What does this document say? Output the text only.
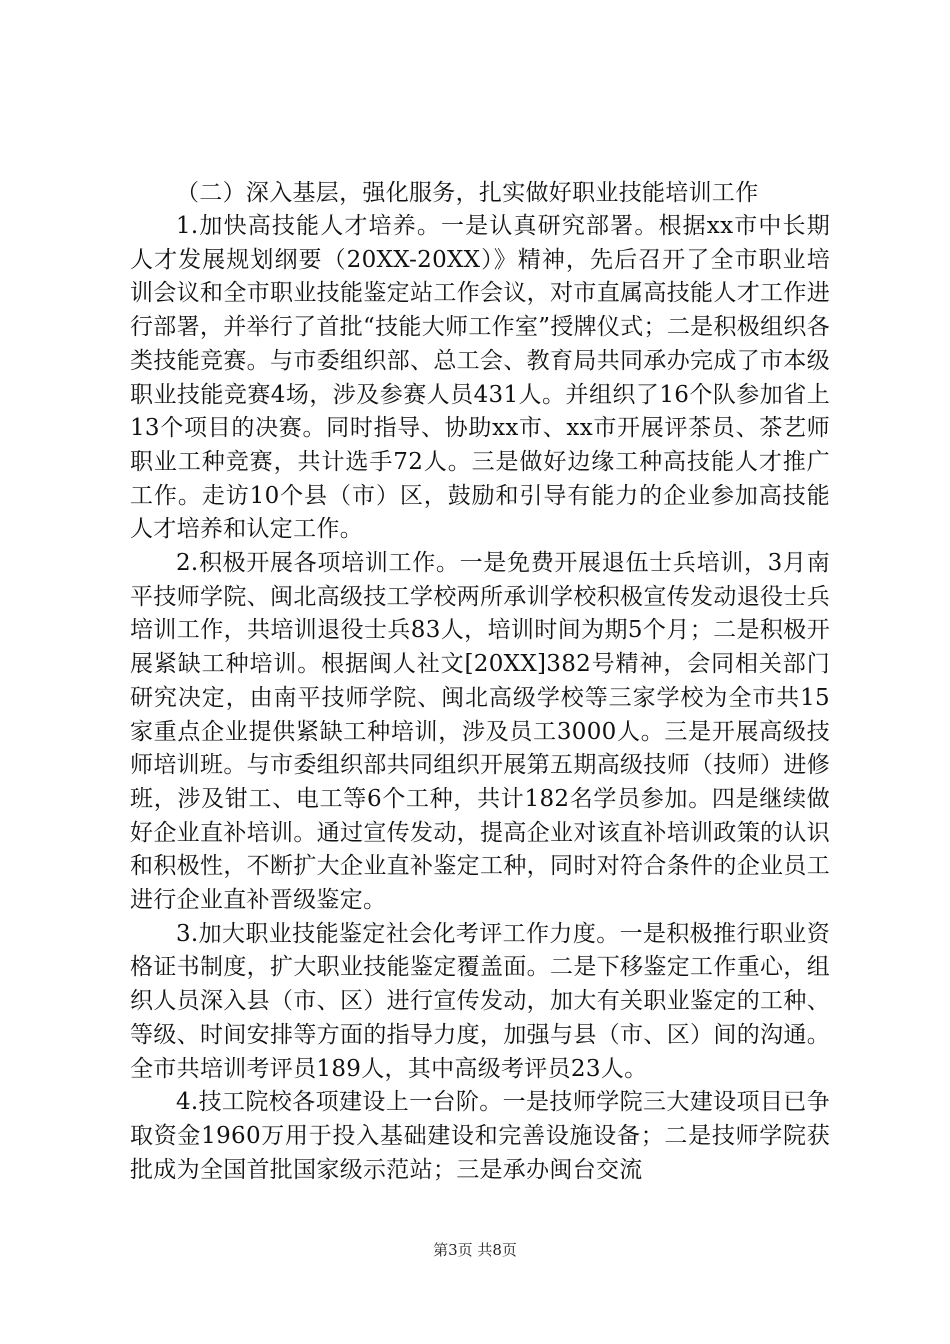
（二）深入基层，强化服务，扎实做好职业技能培训工作

1.加快高技能人才培养。一是认真研究部署。根据xx市中长期人才发展规划纲要（20XX-20XX）》精神，先后召开了全市职业培训会议和全市职业技能鉴定站工作会议，对市直属高技能人才工作进行部署，并举行了首批“技能大师工作室”授牌仪式；二是积极组织各类技能竞赛。与市委组织部、总工会、教育局共同承办完成了市本级职业技能竞赛4场，涉及参赛人员431人。并组织了16个队参加省上13个项目的决赛。同时指导、协助xx市、xx市开展评茶员、茶艺师职业工种竞赛，共计选手72人。三是做好边缘工种高技能人才推广工作。走访10个县（市）区，鼓励和引导有能力的企业参加高技能人才培养和认定工作。

2.积极开展各项培训工作。一是免费开展退伍士兵培训，3月南平技师学院、闽北高级技工学校两所承训学校积极宣传发动退役士兵培训工作，共培训退役士兵83人，培训时间为期5个月；二是积极开展紧缺工种培训。根据闽人社文[20XX]382号精神，会同相关部门研究决定，由南平技师学院、闽北高级学校等三家学校为全市共15家重点企业提供紧缺工种培训，涉及员工3000人。三是开展高级技师培训班。与市委组织部共同组织开展第五期高级技师（技师）进修班，涉及钳工、电工等6个工种，共计182名学员参加。四是继续做好企业直补培训。通过宣传发动，提高企业对该直补培训政策的认识和积极性，不断扩大企业直补鉴定工种，同时对符合条件的企业员工进行企业直补晋级鉴定。

3.加大职业技能鉴定社会化考评工作力度。一是积极推行职业资格证书制度，扩大职业技能鉴定覆盖面。二是下移鉴定工作重心，组织人员深入县（市、区）进行宣传发动，加大有关职业鉴定的工种、等级、时间安排等方面的指导力度，加强与县（市、区）间的沟通。全市共培训考评员189人，其中高级考评员23人。

4.技工院校各项建设上一台阶。一是技师学院三大建设项目已争取资金1960万用于投入基础建设和完善设施设备；二是技师学院获批成为全国首批国家级示范站；三是承办闽台交流

第3页 共8页
